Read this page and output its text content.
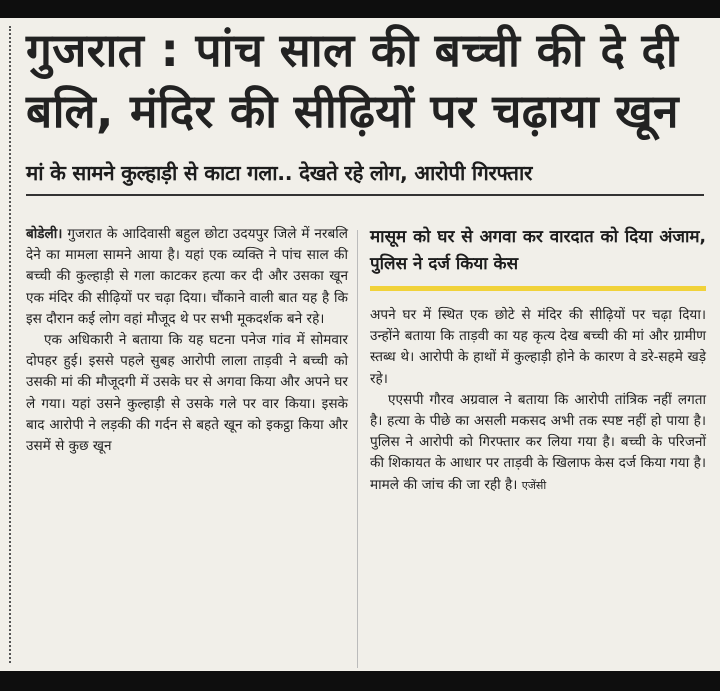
गुजरात : पांच साल की बच्ची की दे दी बलि, मंदिर की सीढ़ियों पर चढ़ाया खून
मां के सामने कुल्हाड़ी से काटा गला.. देखते रहे लोग, आरोपी गिरफ्तार

बोडेली। गुजरात के आदिवासी बहुल छोटा उदयपुर जिले में नरबलि देने का मामला सामने आया है। यहां एक व्यक्ति ने पांच साल की बच्ची की कुल्हाड़ी से गला काटकर हत्या कर दी और उसका खून एक मंदिर की सीढ़ियों पर चढ़ा दिया। चौंकाने वाली बात यह है कि इस दौरान कई लोग वहां मौजूद थे पर सभी मूकदर्शक बने रहे।

एक अधिकारी ने बताया कि यह घटना पनेज गांव में सोमवार दोपहर हुई। इससे पहले सुबह आरोपी लाला ताड़वी ने बच्ची को उसकी मां की मौजूदगी में उसके घर से अगवा किया और अपने घर ले गया। यहां उसने कुल्हाड़ी से उसके गले पर वार किया। इसके बाद आरोपी ने लड़की की गर्दन से बहते खून को इकट्ठा किया और उसमें से कुछ खून

मासूम को घर से अगवा कर वारदात को दिया अंजाम, पुलिस ने दर्ज किया केस

अपने घर में स्थित एक छोटे से मंदिर की सीढ़ियों पर चढ़ा दिया। उन्होंने बताया कि ताड़वी का यह कृत्य देख बच्ची की मां और ग्रामीण स्तब्ध थे। आरोपी के हाथों में कुल्हाड़ी होने के कारण वे डरे-सहमे खड़े रहे।

एएसपी गौरव अग्रवाल ने बताया कि आरोपी तांत्रिक नहीं लगता है। हत्या के पीछे का असली मकसद अभी तक स्पष्ट नहीं हो पाया है। पुलिस ने आरोपी को गिरफ्तार कर लिया गया है। बच्ची के परिजनों की शिकायत के आधार पर ताड़वी के खिलाफ केस दर्ज किया गया है। मामले की जांच की जा रही है। एजेंसी
